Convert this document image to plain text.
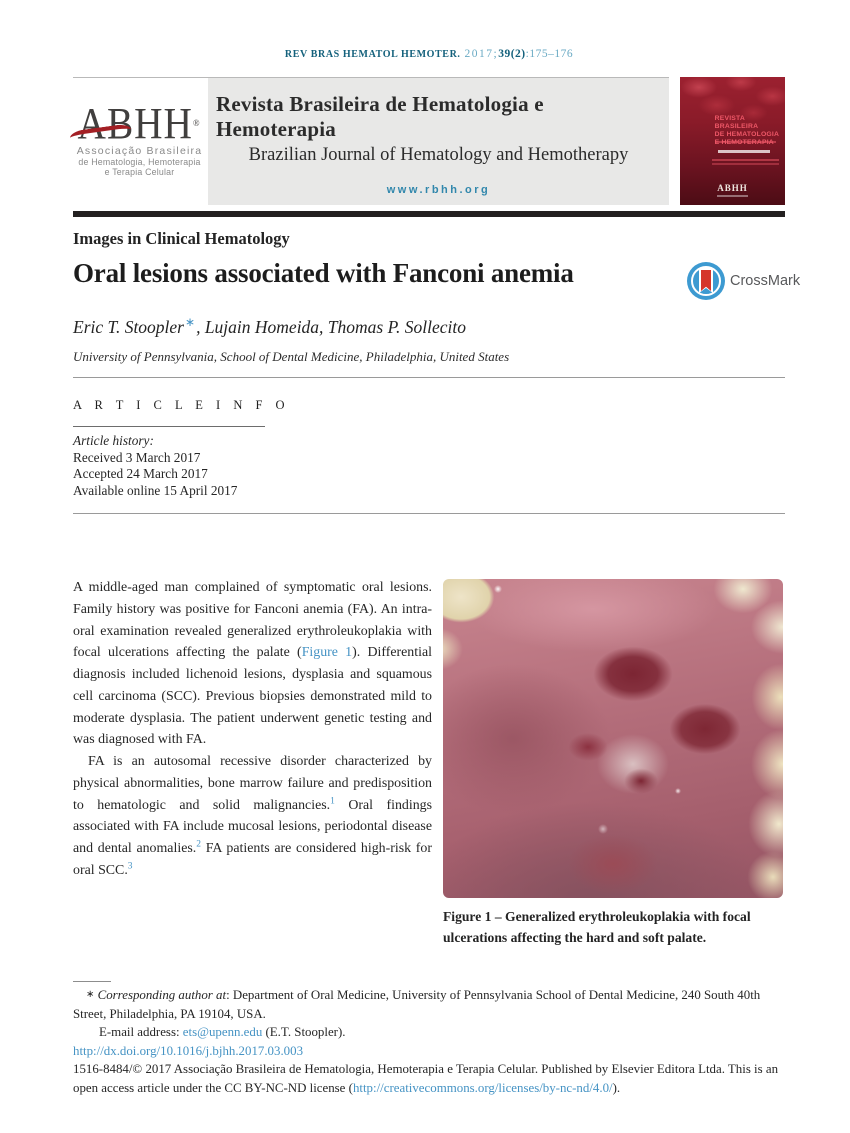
REV BRAS HEMATOL HEMOTER. 2017;39(2):175–176
ABHH®
Associação Brasileira
de Hematologia, Hemoterapia
e Terapia Celular
Revista Brasileira de Hematologia e Hemoterapia
Brazilian Journal of Hematology and Hemotherapy
www.rbhh.org
REVISTA BRASILEIRA
DE HEMATOLOGIA
ABHH
Images in Clinical Hematology
Oral lesions associated with Fanconi anemia	CrossMark
Eric T. Stoopler∗, Lujain Homeida, Thomas P. Sollecito
University of Pennsylvania, School of Dental Medicine, Philadelphia, United States
A R T I C L E I N F O
Article history:
Received 3 March 2017
Accepted 24 March 2017
Available online 15 April 2017

A middle-aged man complained of symptomatic oral lesions. Family history was positive for Fanconi anemia (FA). An intra-oral examination revealed generalized erythroleukoplakia with focal ulcerations affecting the palate (Figure 1). Differential diagnosis included lichenoid lesions, dysplasia and squamous cell carcinoma (SCC). Previous biopsies demonstrated mild to moderate dysplasia. The patient underwent genetic testing and was diagnosed with FA.

FA is an autosomal recessive disorder characterized by physical abnormalities, bone marrow failure and predisposition to hematologic and solid malignancies.$^1$ Oral findings associated with FA include mucosal lesions, periodontal disease and dental anomalies.$^2$ FA patients are considered high-risk for oral SCC.$^3$

Figure 1 – Generalized erythroleukoplakia with focal ulcerations affecting the hard and soft palate.
∗ Corresponding author at: Department of Oral Medicine, University of Pennsylvania School of Dental Medicine, 240 South 40th Street, Philadelphia, PA 19104, USA.
E-mail address: ets@upenn.edu (E.T. Stoopler).
http://dx.doi.org/10.1016/j.bjhh.2017.03.003
1516-8484/© 2017 Associação Brasileira de Hematologia, Hemoterapia e Terapia Celular. Published by Elsevier Editora Ltda. This is an open access article under the CC BY-NC-ND license (http://creativecommons.org/licenses/by-nc-nd/4.0/).
